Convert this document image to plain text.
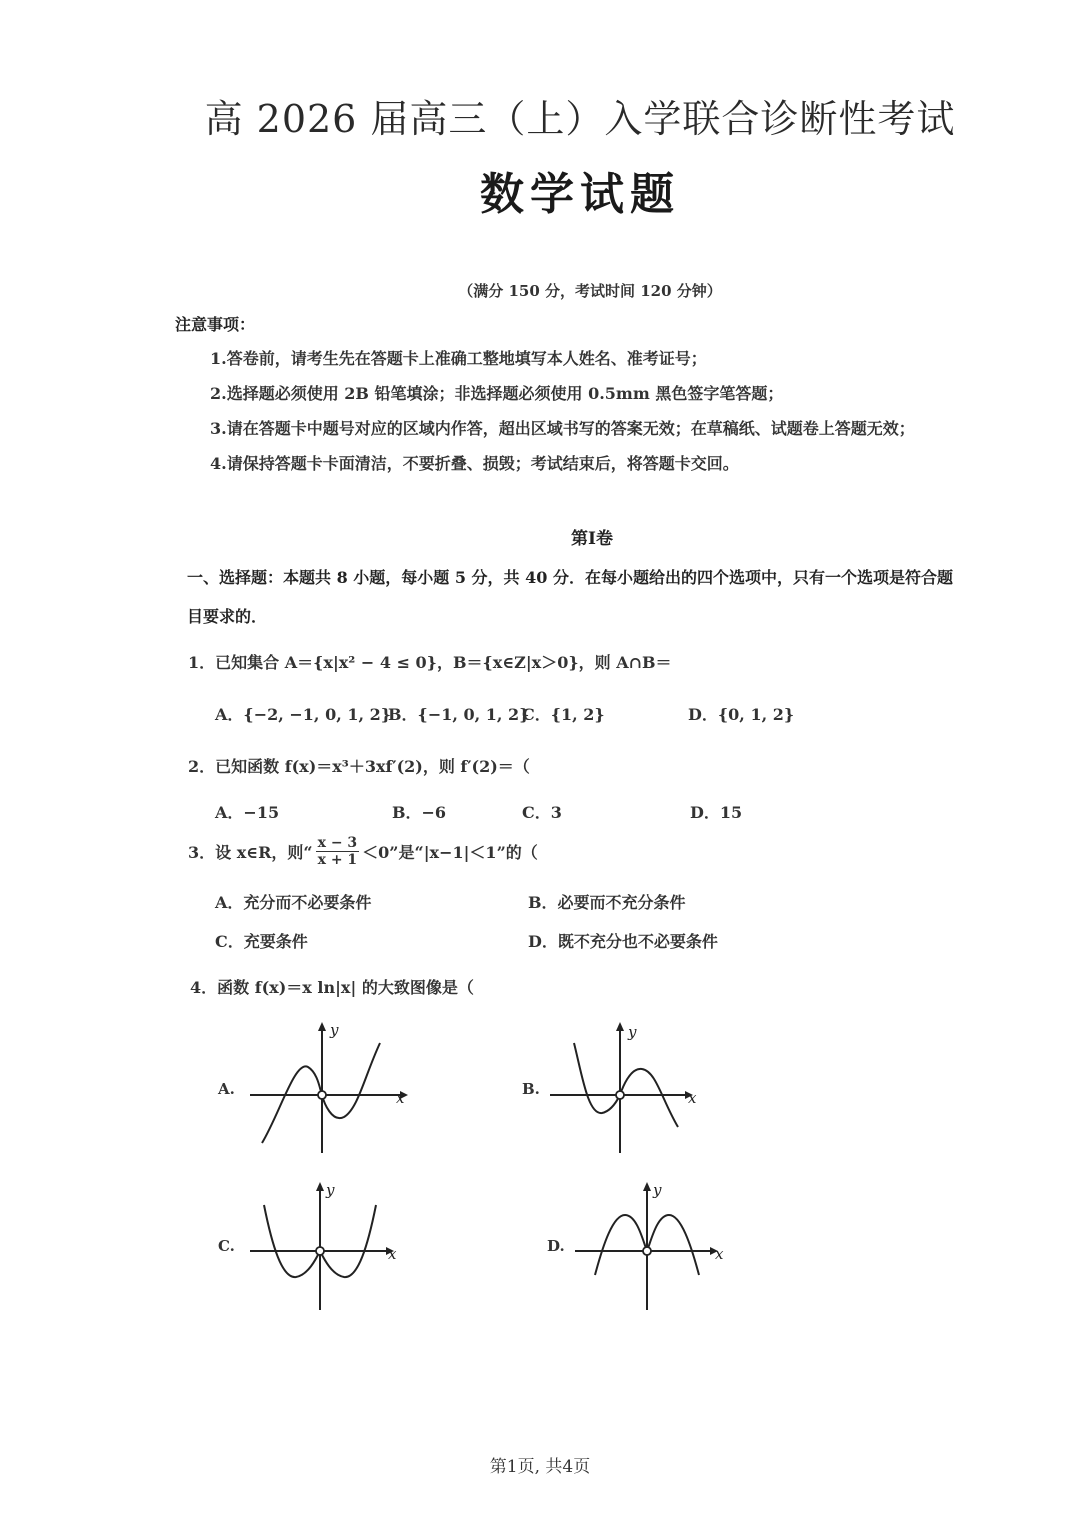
高 2026 届高三（上）入学联合诊断性考试
数学试题
（满分 150 分，考试时间 120 分钟）
注意事项：
1.答卷前，请考生先在答题卡上准确工整地填写本人姓名、准考证号；
2.选择题必须使用 2B 铅笔填涂；非选择题必须使用 0.5mm 黑色签字笔答题；
3.请在答题卡中题号对应的区域内作答，超出区域书写的答案无效；在草稿纸、试题卷上答题无效；
4.请保持答题卡卡面清洁，不要折叠、损毁；考试结束后，将答题卡交回。
第Ⅰ卷
一、选择题：本题共 8 小题，每小题 5 分，共 40 分．在每小题给出的四个选项中，只有一个选项是符合题
目要求的．
1．已知集合 A＝{x|x² − 4 ≤ 0}，B＝{x∈Z|x＞0}，则 A∩B＝
A．{−2, −1, 0, 1, 2}
B．{−1, 0, 1, 2}
C．{1, 2}	D．{0, 1, 2}
2．已知函数 f(x)＝x³＋3xf′(2)，则 f′(2)＝（
A．−15	B．−6	C．3	D．15
3．设 x∈R，则“ $\frac{x - 3}{x + 1} <0$”是“|x−1|＜1”的（
A．充分而不必要条件	B．必要而不充分条件
C．充要条件	D．既不充分也不必要条件
4．函数 f(x)＝x ln|x| 的大致图像是（
A.	x
y
B.	x
y
C.	x
y
D.	x
y
第1页, 共4页
